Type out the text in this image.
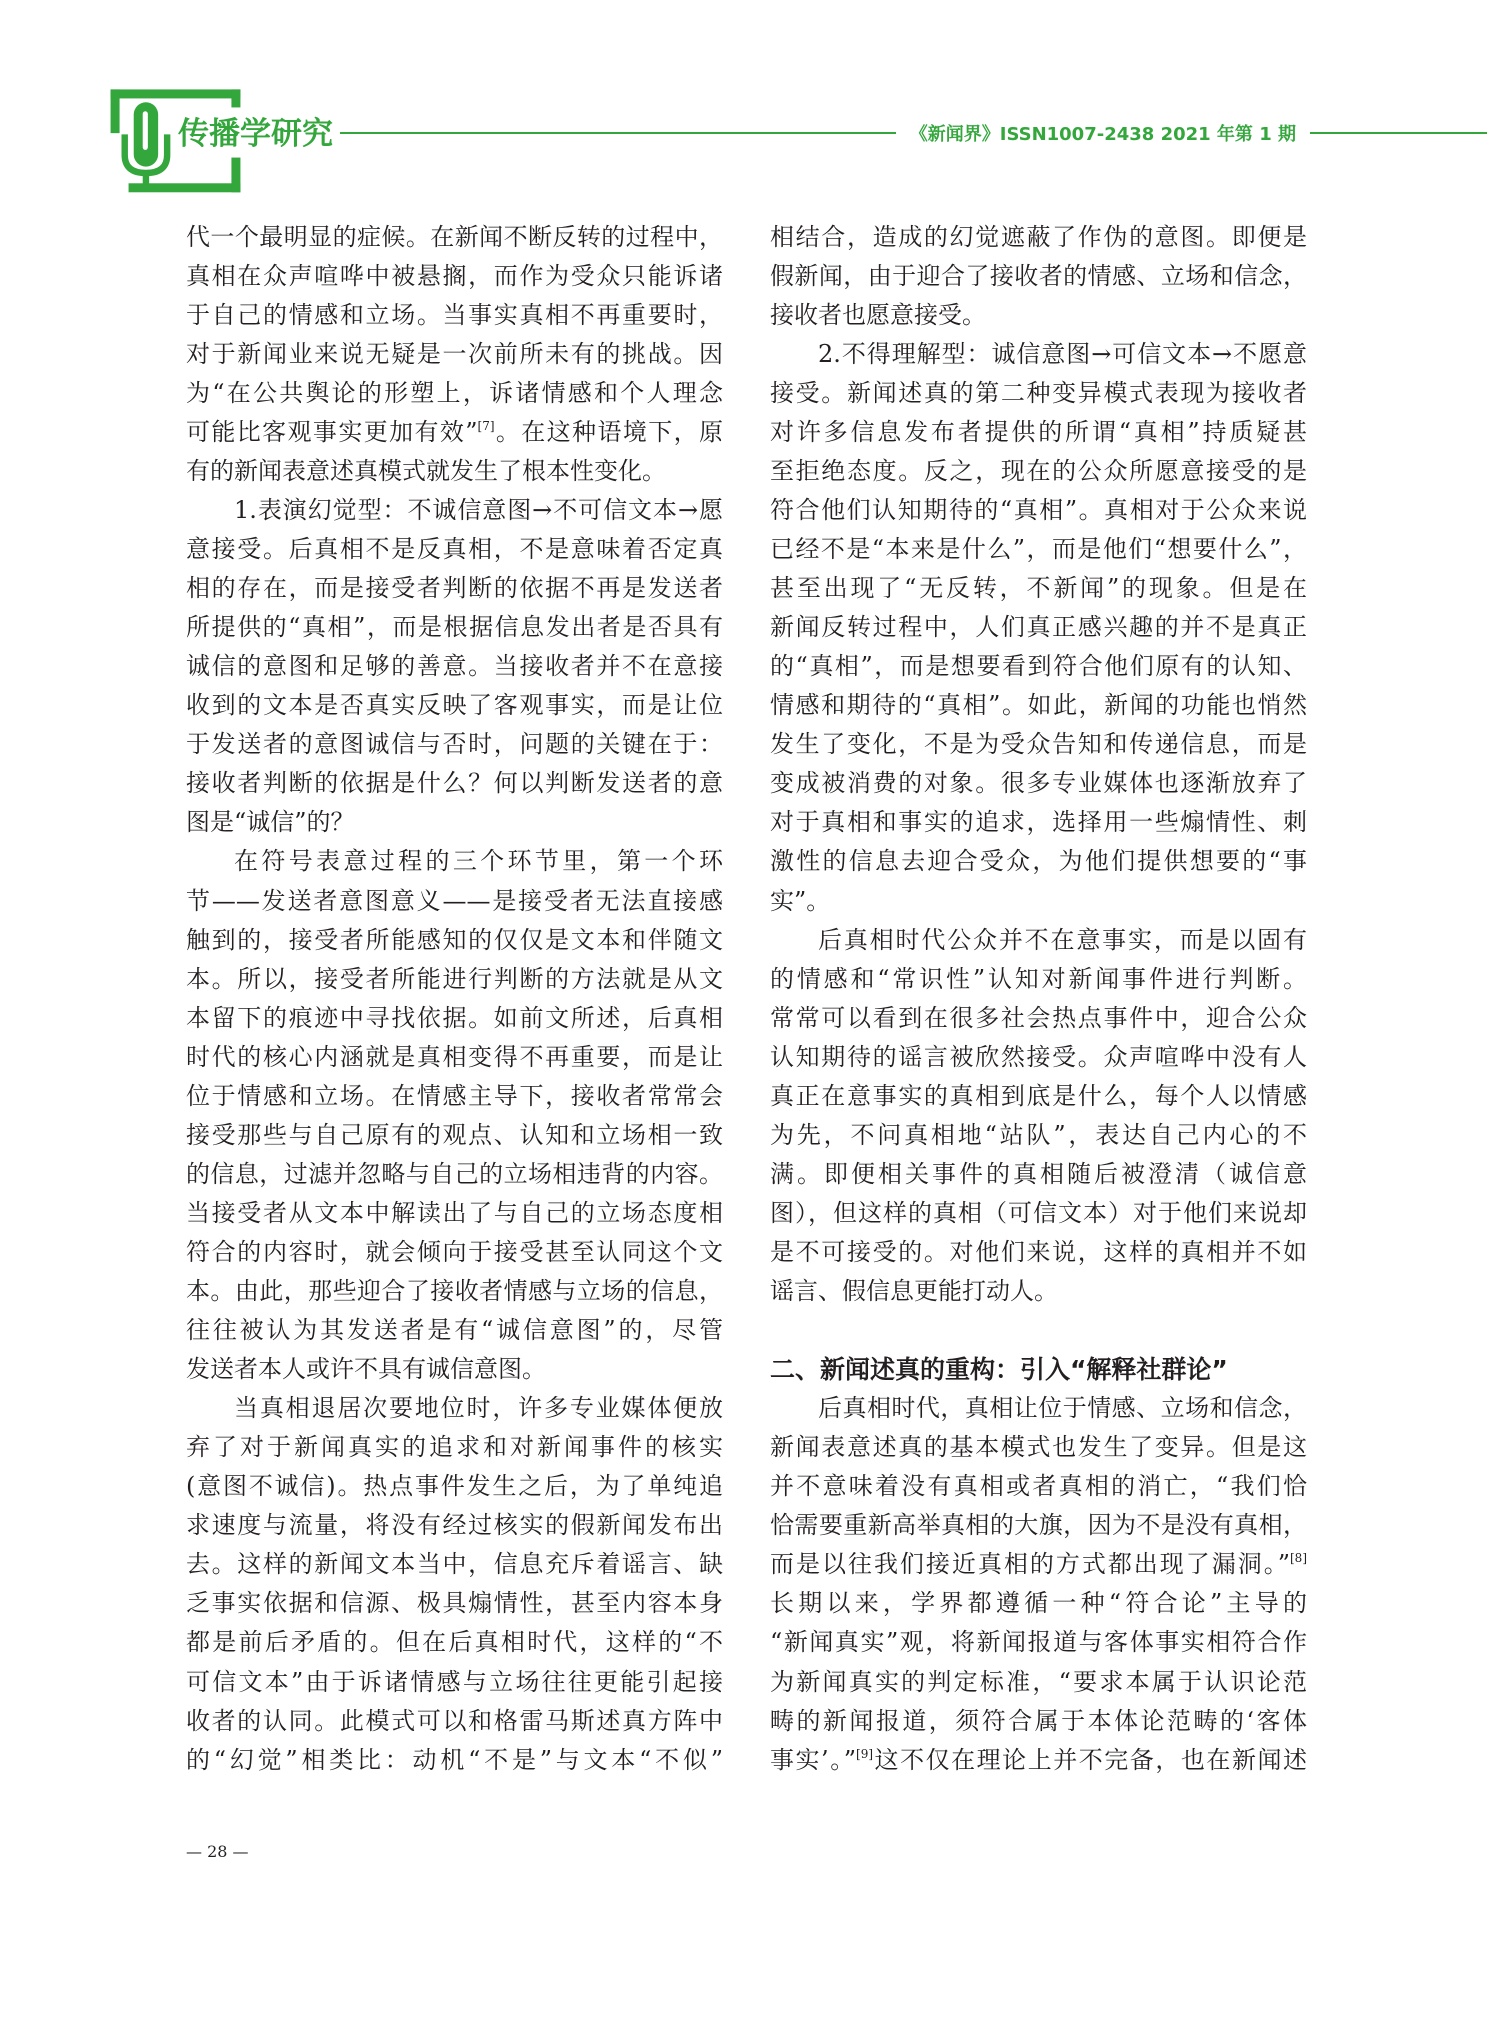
传播学研究	《新闻界》ISSN1007-2438 2021 年第 1 期
代一个最明显的症候。在新闻不断反转的过程中，
真相在众声喧哗中被悬搁，而作为受众只能诉诸
于自己的情感和立场。当事实真相不再重要时，
对于新闻业来说无疑是一次前所未有的挑战。因
为“在公共舆论的形塑上，诉诸情感和个人理念
可能比客观事实更加有效”[7]。在这种语境下，原
有的新闻表意述真模式就发生了根本性变化。
1.表演幻觉型：不诚信意图→不可信文本→愿
意接受。后真相不是反真相，不是意味着否定真
相的存在，而是接受者判断的依据不再是发送者
所提供的“真相”，而是根据信息发出者是否具有
诚信的意图和足够的善意。当接收者并不在意接
收到的文本是否真实反映了客观事实，而是让位
于发送者的意图诚信与否时，问题的关键在于：
接收者判断的依据是什么？何以判断发送者的意
图是“诚信”的？
在符号表意过程的三个环节里，第一个环
节——发送者意图意义——是接受者无法直接感
触到的，接受者所能感知的仅仅是文本和伴随文
本。所以，接受者所能进行判断的方法就是从文
本留下的痕迹中寻找依据。如前文所述，后真相
时代的核心内涵就是真相变得不再重要，而是让
位于情感和立场。在情感主导下，接收者常常会
接受那些与自己原有的观点、认知和立场相一致
的信息，过滤并忽略与自己的立场相违背的内容。
当接受者从文本中解读出了与自己的立场态度相
符合的内容时，就会倾向于接受甚至认同这个文
本。由此，那些迎合了接收者情感与立场的信息，
往往被认为其发送者是有“诚信意图”的，尽管
发送者本人或许不具有诚信意图。
当真相退居次要地位时，许多专业媒体便放
弃了对于新闻真实的追求和对新闻事件的核实
(意图不诚信)。热点事件发生之后，为了单纯追
求速度与流量，将没有经过核实的假新闻发布出
去。这样的新闻文本当中，信息充斥着谣言、缺
乏事实依据和信源、极具煽情性，甚至内容本身
都是前后矛盾的。但在后真相时代，这样的“不
可信文本”由于诉诸情感与立场往往更能引起接
收者的认同。此模式可以和格雷马斯述真方阵中
的“幻觉”相类比：动机“不是”与文本“不似”
相结合，造成的幻觉遮蔽了作伪的意图。即便是
假新闻，由于迎合了接收者的情感、立场和信念，
接收者也愿意接受。
2.不得理解型：诚信意图→可信文本→不愿意
接受。新闻述真的第二种变异模式表现为接收者
对许多信息发布者提供的所谓“真相”持质疑甚
至拒绝态度。反之，现在的公众所愿意接受的是
符合他们认知期待的“真相”。真相对于公众来说
已经不是“本来是什么”，而是他们“想要什么”，
甚至出现了“无反转，不新闻”的现象。但是在
新闻反转过程中，人们真正感兴趣的并不是真正
的“真相”，而是想要看到符合他们原有的认知、
情感和期待的“真相”。如此，新闻的功能也悄然
发生了变化，不是为受众告知和传递信息，而是
变成被消费的对象。很多专业媒体也逐渐放弃了
对于真相和事实的追求，选择用一些煽情性、刺
激性的信息去迎合受众，为他们提供想要的“事
实”。
后真相时代公众并不在意事实，而是以固有
的情感和“常识性”认知对新闻事件进行判断。
常常可以看到在很多社会热点事件中，迎合公众
认知期待的谣言被欣然接受。众声喧哗中没有人
真正在意事实的真相到底是什么，每个人以情感
为先，不问真相地“站队”，表达自己内心的不
满。即便相关事件的真相随后被澄清（诚信意
图），但这样的真相（可信文本）对于他们来说却
是不可接受的。对他们来说，这样的真相并不如
谣言、假信息更能打动人。
二、新闻述真的重构：引入“解释社群论”
后真相时代，真相让位于情感、立场和信念，
新闻表意述真的基本模式也发生了变异。但是这
并不意味着没有真相或者真相的消亡，“我们恰
恰需要重新高举真相的大旗，因为不是没有真相，
而是以往我们接近真相的方式都出现了漏洞。”[8]
长期以来，学界都遵循一种“符合论”主导的
“新闻真实”观，将新闻报道与客体事实相符合作
为新闻真实的判定标准，“要求本属于认识论范
畴的新闻报道，须符合属于本体论范畴的‘客体
事实’。”[9]这不仅在理论上并不完备，也在新闻述
— 28 —
